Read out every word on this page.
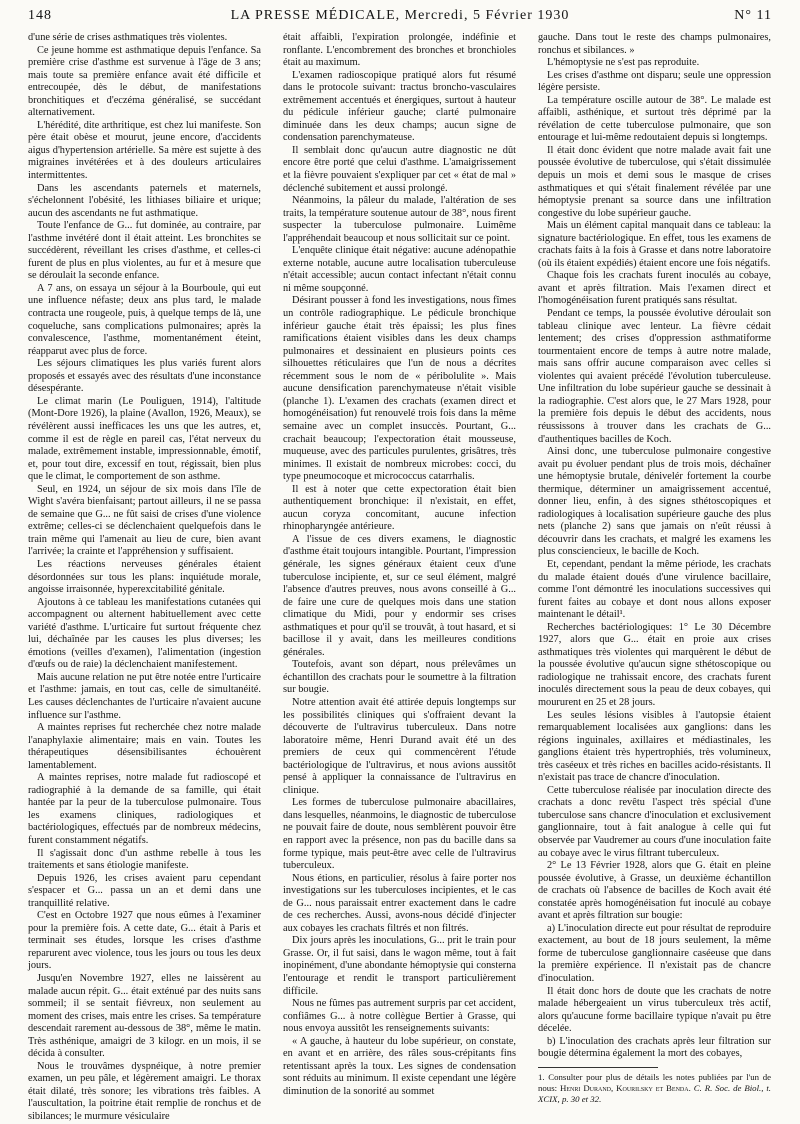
148	LA PRESSE MÉDICALE, Mercredi, 5 Février 1930	N° 11

d'une série de crises asthmatiques très violentes.

Ce jeune homme est asthmatique depuis l'enfance. Sa première crise d'asthme est survenue à l'âge de 3 ans; mais toute sa première enfance avait été difficile et entrecoupée, dès le début, de manifestations bronchitiques et d'eczéma généralisé, se succédant alternativement.

L'hérédité, dite arthritique, est chez lui manifeste. Son père était obèse et mourut, jeune encore, d'accidents aigus d'hypertension artérielle. Sa mère est sujette à des migraines invétérées et à des douleurs articulaires intermittentes.

Dans les ascendants paternels et maternels, s'échelonnent l'obésité, les lithiases biliaire et urique; aucun des ascendants ne fut asthmatique.

Toute l'enfance de G... fut dominée, au contraire, par l'asthme invétéré dont il était atteint. Les bronchites se succédèrent, réveillant les crises d'asthme, et celles-ci furent de plus en plus violentes, au fur et à mesure que se déroulait la seconde enfance.

A 7 ans, on essaya un séjour à la Bourboule, qui eut une influence néfaste; deux ans plus tard, le malade contracta une rougeole, puis, à quelque temps de là, une coqueluche, sans complications pulmonaires; après la convalescence, l'asthme, momentanément éteint, réapparut avec plus de force.

Les séjours climatiques les plus variés furent alors proposés et essayés avec des résultats d'une inconstance désespérante.

Le climat marin (Le Pouliguen, 1914), l'altitude (Mont-Dore 1926), la plaine (Avallon, 1926, Meaux), se révélèrent aussi inefficaces les uns que les autres, et, comme il est de règle en pareil cas, l'état nerveux du malade, extrêmement instable, impressionnable, émotif, et, pour tout dire, excessif en tout, régissait, bien plus que le climat, le comportement de son asthme.

Seul, en 1924, un séjour de six mois dans l'île de Wight s'avéra bienfaisant; partout ailleurs, il ne se passa de semaine que G... ne fût saisi de crises d'une violence extrême; celles-ci se déclenchaient quelquefois dans le train même qui l'amenait au lieu de cure, bien avant l'arrivée; la crainte et l'appréhension y suffisaient.

Les réactions nerveuses générales étaient désordonnées sur tous les plans: inquiétude morale, angoisse irraisonnée, hyperexcitabilité génitale.

Ajoutons à ce tableau les manifestations cutanées qui accompagnent ou alternent habituellement avec cette variété d'asthme. L'urticaire fut surtout fréquente chez lui, déchaînée par les causes les plus diverses; les émotions (veilles d'examen), l'alimentation (ingestion d'œufs ou de raie) la déclenchaient manifestement.

Mais aucune relation ne put être notée entre l'urticaire et l'asthme: jamais, en tout cas, celle de simultanéité. Les causes déclenchantes de l'urticaire n'avaient aucune influence sur l'asthme.

A maintes reprises fut recherchée chez notre malade l'anaphylaxie alimentaire; mais en vain. Toutes les thérapeutiques désensibilisantes échouèrent lamentablement.

A maintes reprises, notre malade fut radioscopé et radiographié à la demande de sa famille, qui était hantée par la peur de la tuberculose pulmonaire. Tous les examens cliniques, radiologiques et bactériologiques, effectués par de nombreux médecins, furent constamment négatifs.

Il s'agissait donc d'un asthme rebelle à tous les traitements et sans étiologie manifeste.

Depuis 1926, les crises avaient paru cependant s'espacer et G... passa un an et demi dans une tranquillité relative.

C'est en Octobre 1927 que nous eûmes à l'examiner pour la première fois. A cette date, G... était à Paris et terminait ses études, lorsque les crises d'asthme reparurent avec violence, tous les jours ou tous les deux jours.

Jusqu'en Novembre 1927, elles ne laissèrent au malade aucun répit. G... était exténué par des nuits sans sommeil; il se sentait fiévreux, non seulement au moment des crises, mais entre les crises. Sa température descendait rarement au-dessous de 38°, même le matin. Très asthénique, amaigri de 3 kilogr. en un mois, il se décida à consulter.

Nous le trouvâmes dyspnéique, à notre premier examen, un peu pâle, et légèrement amaigri. Le thorax était dilaté, très sonore; les vibrations très faibles. A l'auscultation, la poitrine était remplie de ronchus et de sibilances; le murmure vésiculaire

était affaibli, l'expiration prolongée, indéfinie et ronflante. L'encombrement des bronches et bronchioles était au maximum.

L'examen radioscopique pratiqué alors fut résumé dans le protocole suivant: tractus broncho-vasculaires extrêmement accentués et énergiques, surtout à hauteur du pédicule inférieur gauche; clarté pulmonaire diminuée dans les deux champs; aucun signe de condensation parenchymateuse.

Il semblait donc qu'aucun autre diagnostic ne dût encore être porté que celui d'asthme. L'amaigrissement et la fièvre pouvaient s'expliquer par cet « état de mal » déclenché subitement et aussi prolongé.

Néanmoins, la pâleur du malade, l'altération de ses traits, la température soutenue autour de 38°, nous firent suspecter la tuberculose pulmonaire. Luimême l'appréhendait beaucoup et nous sollicitait sur ce point.

L'enquête clinique était négative: aucune adénopathie externe notable, aucune autre localisation tuberculeuse n'était accessible; aucun contact infectant n'était connu ni même soupçonné.

Désirant pousser à fond les investigations, nous fîmes un contrôle radiographique. Le pédicule bronchique inférieur gauche était très épaissi; les plus fines ramifications étaient visibles dans les deux champs pulmonaires et dessinaient en plusieurs points ces silhouettes réticulaires que l'un de nous a décrites récemment sous le nom de « péribolulite ». Mais aucune densification parenchymateuse n'était visible (planche 1). L'examen des crachats (examen direct et homogénéisation) fut renouvelé trois fois dans la même semaine avec un complet insuccès. Pourtant, G... crachait beaucoup; l'expectoration était mousseuse, muqueuse, avec des particules purulentes, grisâtres, très minimes. Il existait de nombreux microbes: cocci, du type pneumocoque et micrococcus catarrhalis.

Il est à noter que cette expectoration était bien authentiquement bronchique: il n'existait, en effet, aucun coryza concomitant, aucune infection rhinopharyngée antérieure.

A l'issue de ces divers examens, le diagnostic d'asthme était toujours intangible. Pourtant, l'impression générale, les signes généraux étaient ceux d'une tuberculose incipiente, et, sur ce seul élément, malgré l'absence d'autres preuves, nous avons conseillé à G... de faire une cure de quelques mois dans une station climatique du Midi, pour y endormir ses crises asthmatiques et pour qu'il se trouvât, à tout hasard, et si bacillose il y avait, dans les meilleures conditions générales.

Toutefois, avant son départ, nous prélevâmes un échantillon des crachats pour le soumettre à la filtration sur bougie.

Notre attention avait été attirée depuis longtemps sur les possibilités cliniques qui s'offraient devant la découverte de l'ultravirus tuberculeux. Dans notre laboratoire même, Henri Durand avait été un des premiers de ceux qui commencèrent l'étude bactériologique de l'ultravirus, et nous avions aussitôt pensé à appliquer la connaissance de l'ultravirus en clinique.

Les formes de tuberculose pulmonaire abacillaires, dans lesquelles, néanmoins, le diagnostic de tuberculose ne pouvait faire de doute, nous semblèrent pouvoir être en rapport avec la présence, non pas du bacille dans sa forme typique, mais peut-être avec celle de l'ultravirus tuberculeux.

Nous étions, en particulier, résolus à faire porter nos investigations sur les tuberculoses incipientes, et le cas de G... nous paraissait entrer exactement dans le cadre de ces recherches. Aussi, avons-nous décidé d'injecter aux cobayes les crachats filtrés et non filtrés.

Dix jours après les inoculations, G... prit le train pour Grasse. Or, il fut saisi, dans le wagon même, tout à fait inopinément, d'une abondante hémoptysie qui consterna l'entourage et rendit le transport particulièrement difficile.

Nous ne fûmes pas autrement surpris par cet accident, confiâmes G... à notre collègue Bertier à Grasse, qui nous envoya aussitôt les renseignements suivants:

« A gauche, à hauteur du lobe supérieur, on constate, en avant et en arrière, des râles sous-crépitants fins retentissant après la toux. Les signes de condensation sont réduits au minimum. Il existe cependant une légère diminution de la sonorité au sommet

gauche. Dans tout le reste des champs pulmonaires, ronchus et sibilances. »

L'hémoptysie ne s'est pas reproduite.

Les crises d'asthme ont disparu; seule une oppression légère persiste.

La température oscille autour de 38°. Le malade est affaibli, asthénique, et surtout très déprimé par la révélation de cette tuberculose pulmonaire, que son entourage et lui-même redoutaient depuis si longtemps.

Il était donc évident que notre malade avait fait une poussée évolutive de tuberculose, qui s'était dissimulée depuis un mois et demi sous le masque de crises asthmatiques et qui s'était finalement révélée par une hémoptysie prenant sa source dans une infiltration congestive du lobe supérieur gauche.

Mais un élément capital manquait dans ce tableau: la signature bactériologique. En effet, tous les examens de crachats faits à la fois à Grasse et dans notre laboratoire (où ils étaient expédiés) étaient encore une fois négatifs.

Chaque fois les crachats furent inoculés au cobaye, avant et après filtration. Mais l'examen direct et l'homogénéisation furent pratiqués sans résultat.

Pendant ce temps, la poussée évolutive déroulait son tableau clinique avec lenteur. La fièvre cédait lentement; des crises d'oppression asthmatiforme tourmentaient encore de temps à autre notre malade, mais sans offrir aucune comparaison avec celles si violentes qui avaient précédé l'évolution tuberculeuse. Une infiltration du lobe supérieur gauche se dessinait à la radiographie. C'est alors que, le 27 Mars 1928, pour la première fois depuis le début des accidents, nous réussissons à trouver dans les crachats de G... d'authentiques bacilles de Koch.

Ainsi donc, une tuberculose pulmonaire congestive avait pu évoluer pendant plus de trois mois, déchaîner une hémoptysie brutale, dénivelér fortement la courbe thermique, déterminer un amaigrissement accentué, donner lieu, enfin, à des signes sthétoscopiques et radiologiques à localisation supérieure gauche des plus nets (planche 2) sans que jamais on n'eût réussi à découvrir dans les crachats, et malgré les examens les plus consciencieux, le bacille de Koch.

Et, cependant, pendant la même période, les crachats du malade étaient doués d'une virulence bacillaire, comme l'ont démontré les inoculations successives qui furent faites au cobaye et dont nous allons exposer maintenant le détail¹.

Recherches bactériologiques: 1° Le 30 Décembre 1927, alors que G... était en proie aux crises asthmatiques très violentes qui marquèrent le début de la poussée évolutive qu'aucun signe sthétoscopique ou radiologique ne trahissait encore, des crachats furent inoculés directement sous la peau de deux cobayes, qui moururent en 25 et 28 jours.

Les seules lésions visibles à l'autopsie étaient remarquablement localisées aux ganglions: dans les régions inguinales, axillaires et médiastinales, les ganglions étaient très hypertrophiés, très volumineux, très caséeux et très riches en bacilles acido-résistants. Il n'existait pas trace de chancre d'inoculation.

Cette tuberculose réalisée par inoculation directe des crachats a donc revêtu l'aspect très spécial d'une tuberculose sans chancre d'inoculation et exclusivement ganglionnaire, tout à fait analogue à celle qui fut observée par Vaudremer au cours d'une inoculation faite au cobaye avec le virus filtrant tuberculeux.

2° Le 13 Février 1928, alors que G. était en pleine poussée évolutive, à Grasse, un deuxième échantillon de crachats où l'absence de bacilles de Koch avait été constatée après homogénéisation fut inoculé au cobaye avant et après filtration sur bougie:

a) L'inoculation directe eut pour résultat de reproduire exactement, au bout de 18 jours seulement, la même forme de tuberculose ganglionnaire caséeuse que dans la première expérience. Il n'existait pas de chancre d'inoculation.

Il était donc hors de doute que les crachats de notre malade hébergeaient un virus tuberculeux très actif, alors qu'aucune forme bacillaire typique n'avait pu être décelée.

b) L'inoculation des crachats après leur filtration sur bougie détermina également la mort des cobayes,

1. Consulter pour plus de détails les notes publiées par l'un de nous: Henri Durand, Kourilsky et Benda. C. R. Soc. de Biol., t. XCIX, p. 30 et 32.
